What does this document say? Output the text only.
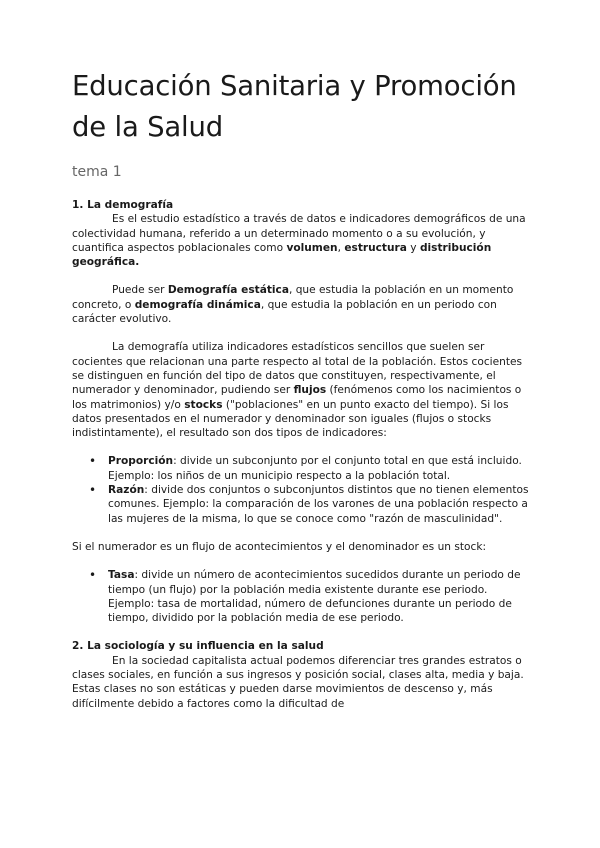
Educación Sanitaria y Promoción de la Salud

tema 1

1. La demografía

Es el estudio estadístico a través de datos e indicadores demográficos de una colectividad humana, referido a un determinado momento o a su evolución, y cuantifica aspectos poblacionales como volumen, estructura y distribución geográfica.

Puede ser Demografía estática, que estudia la población en un momento concreto, o demografía dinámica, que estudia la población en un periodo con carácter evolutivo.

La demografía utiliza indicadores estadísticos sencillos que suelen ser cocientes que relacionan una parte respecto al total de la población. Estos cocientes se distinguen en función del tipo de datos que constituyen, respectivamente, el numerador y denominador, pudiendo ser flujos (fenómenos como los nacimientos o los matrimonios) y/o stocks ("poblaciones" en un punto exacto del tiempo). Si los datos presentados en el numerador y denominador son iguales (flujos o stocks indistintamente), el resultado son dos tipos de indicadores:

• Proporción: divide un subconjunto por el conjunto total en que está incluido. Ejemplo: los niños de un municipio respecto a la población total.
• Razón: divide dos conjuntos o subconjuntos distintos que no tienen elementos comunes. Ejemplo: la comparación de los varones de una población respecto a las mujeres de la misma, lo que se conoce como "razón de masculinidad".

Si el numerador es un flujo de acontecimientos y el denominador es un stock:

• Tasa: divide un número de acontecimientos sucedidos durante un periodo de tiempo (un flujo) por la población media existente durante ese periodo. Ejemplo: tasa de mortalidad, número de defunciones durante un periodo de tiempo, dividido por la población media de ese periodo.

2. La sociología y su influencia en la salud

En la sociedad capitalista actual podemos diferenciar tres grandes estratos o clases sociales, en función a sus ingresos y posición social, clases alta, media y baja. Estas clases no son estáticas y pueden darse movimientos de descenso y, más difícilmente debido a factores como la dificultad de
